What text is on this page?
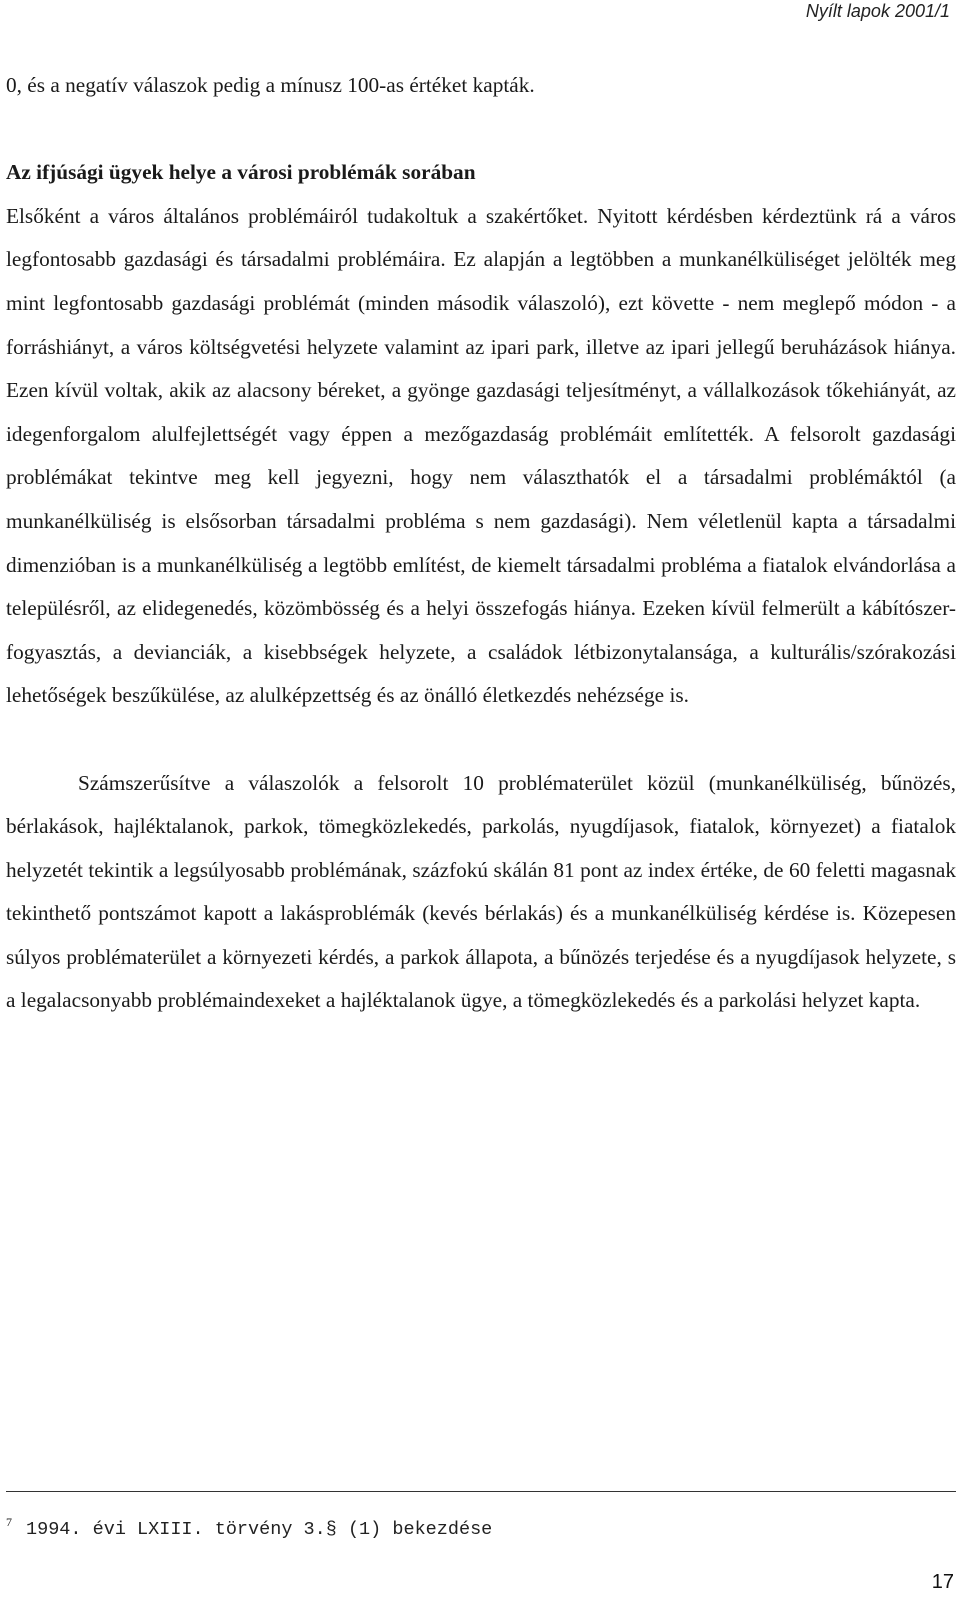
Nyílt lapok 2001/1

0, és a negatív válaszok pedig a mínusz 100-as értéket kapták.

Az ifjúsági ügyek helye a városi problémák sorában

Elsőként a város általános problémáiról tudakoltuk a szakértőket. Nyitott kérdésben kérdeztünk rá a város legfontosabb gazdasági és társadalmi problémáira. Ez alapján a legtöbben a munkanélküliséget jelölték meg mint legfontosabb gazdasági problémát (minden második válaszoló), ezt követte - nem meglepő módon - a forráshiányt, a város költségvetési helyzete valamint az ipari park, illetve az ipari jellegű beruházások hiánya. Ezen kívül voltak, akik az alacsony béreket, a gyönge gazdasági teljesítményt, a vállalkozások tőkehiányát, az idegenforgalom alulfejlettségét vagy éppen a mezőgazdaság problémáit említették. A felsorolt gazdasági problémákat tekintve meg kell jegyezni, hogy nem választhatók el a társadalmi problémáktól (a munkanélküliség is elsősorban társadalmi probléma s nem gazdasági). Nem véletlenül kapta a társadalmi dimenzióban is a munkanélküliség a legtöbb említést, de kiemelt társadalmi probléma a fiatalok elvándorlása a településről, az elidegenedés, közömbösség és a helyi összefogás hiánya. Ezeken kívül felmerült a kábítószer-fogyasztás, a devianciák, a kisebbségek helyzete, a családok létbizonytalansága, a kulturális/szórakozási lehetőségek beszűkülése, az alulképzettség és az önálló életkezdés nehézsége is.

Számszerűsítve a válaszolók a felsorolt 10 problématerület közül (munkanélküliség, bűnözés, bérlakások, hajléktalanok, parkok, tömegközlekedés, parkolás, nyugdíjasok, fiatalok, környezet) a fiatalok helyzetét tekintik a legsúlyosabb problémának, százfokú skálán 81 pont az index értéke, de 60 feletti magasnak tekinthető pontszámot kapott a lakásproblémák (kevés bérlakás) és a munkanélküliség kérdése is. Közepesen súlyos problématerület a környezeti kérdés, a parkok állapota, a bűnözés terjedése és a nyugdíjasok helyzete, s a legalacsonyabb problémaindexeket a hajléktalanok ügye, a tömegközlekedés és a parkolási helyzet kapta.

$^7$ 1994. évi LXIII. törvény 3.§ (1) bekezdése
17
